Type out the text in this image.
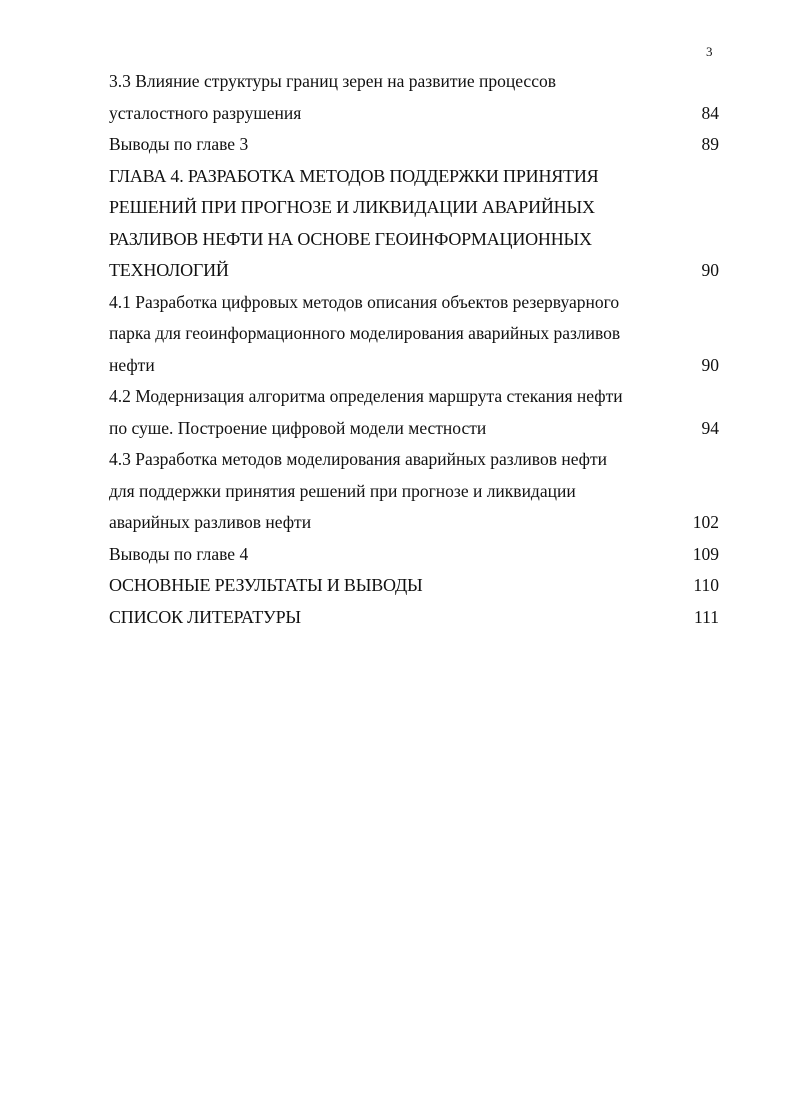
3
3.3 Влияние структуры границ зерен на развитие процессов
усталостного разрушения	84
Выводы по главе 3	89
ГЛАВА 4. РАЗРАБОТКА МЕТОДОВ ПОДДЕРЖКИ ПРИНЯТИЯ
РЕШЕНИЙ ПРИ ПРОГНОЗЕ И ЛИКВИДАЦИИ АВАРИЙНЫХ
РАЗЛИВОВ НЕФТИ НА ОСНОВЕ ГЕОИНФОРМАЦИОННЫХ
ТЕХНОЛОГИЙ	90
4.1 Разработка цифровых методов описания объектов резервуарного
парка для геоинформационного моделирования аварийных разливов
нефти	90
4.2 Модернизация алгоритма определения маршрута стекания нефти
по суше. Построение цифровой модели местности	94
4.3 Разработка методов моделирования аварийных разливов нефти
для поддержки принятия решений при прогнозе и ликвидации
аварийных разливов нефти	102
Выводы по главе 4	109
ОСНОВНЫЕ РЕЗУЛЬТАТЫ И ВЫВОДЫ	110
СПИСОК ЛИТЕРАТУРЫ	111
